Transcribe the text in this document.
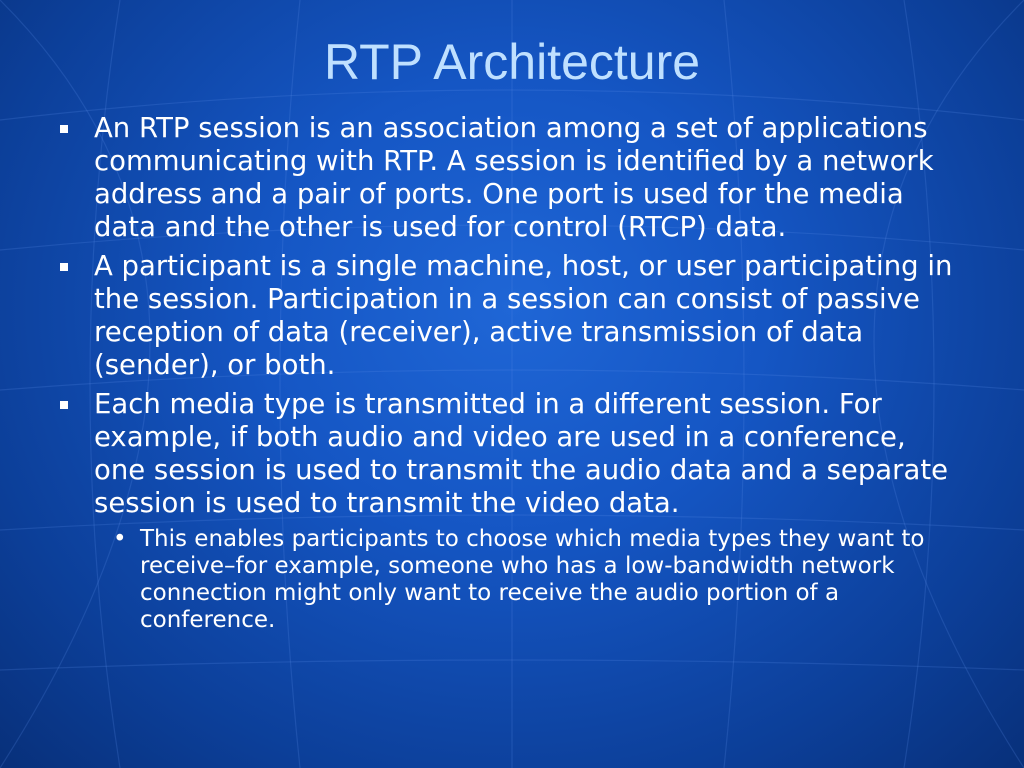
RTP Architecture
An RTP session is an association among a set of applications communicating with RTP. A session is identified by a network address and a pair of ports. One port is used for the media data and the other is used for control (RTCP) data.
A participant is a single machine, host, or user participating in the session. Participation in a session can consist of passive reception of data (receiver), active transmission of data (sender), or both.
Each media type is transmitted in a different session. For example, if both audio and video are used in a conference, one session is used to transmit the audio data and a separate session is used to transmit the video data.
• This enables participants to choose which media types they want to receive–for example, someone who has a low-bandwidth network connection might only want to receive the audio portion of a conference.
